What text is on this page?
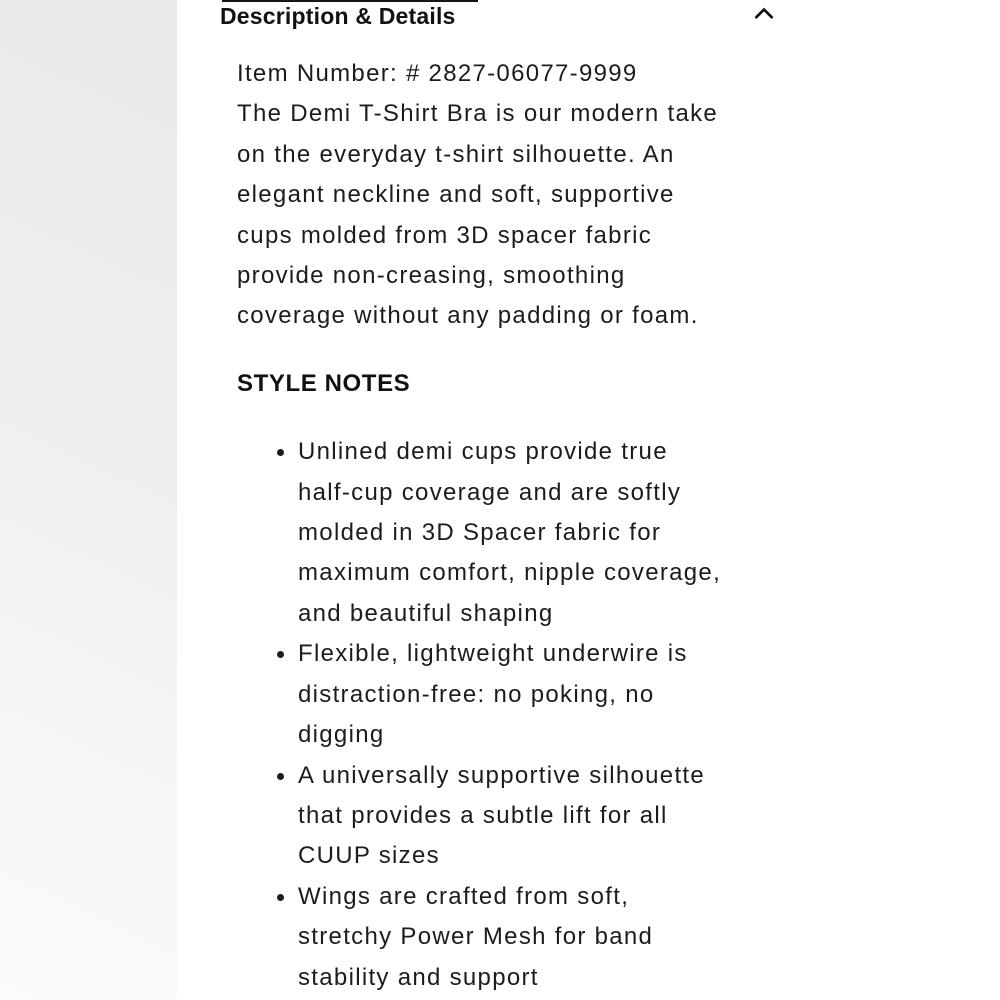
Description & Details
Item Number: # 2827-06077-9999
The Demi T-Shirt Bra is our modern take
on the everyday t-shirt silhouette. An
elegant neckline and soft, supportive
cups molded from 3D spacer fabric
provide non-creasing, smoothing
coverage without any padding or foam.
STYLE NOTES
Unlined demi cups provide true
half-cup coverage and are softly
molded in 3D Spacer fabric for
maximum comfort, nipple coverage,
and beautiful shaping
Flexible, lightweight underwire is
distraction-free: no poking, no
digging
A universally supportive silhouette
that provides a subtle lift for all
CUUP sizes
Wings are crafted from soft,
stretchy Power Mesh for band
stability and support
